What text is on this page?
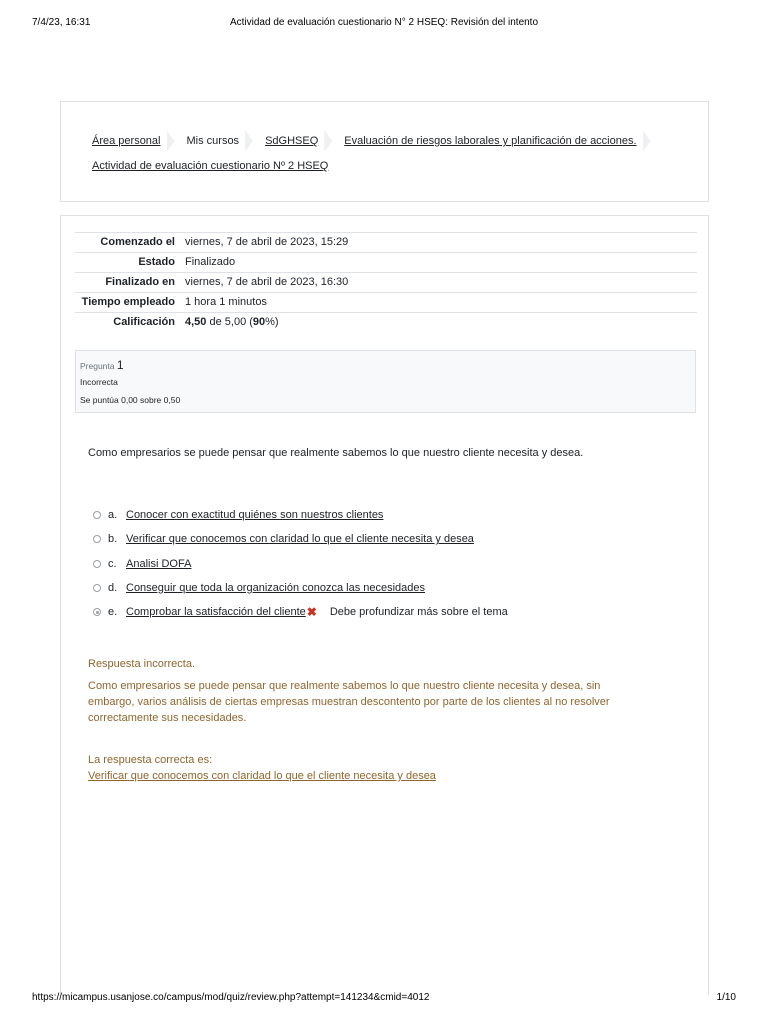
7/4/23, 16:31	Actividad de evaluación cuestionario N° 2 HSEQ: Revisión del intento
Área personal Mis cursos SdGHSEQ Evaluación de riesgos laborales y planificación de acciones.
Actividad de evaluación cuestionario Nº 2 HSEQ
Comenzado el	viernes, 7 de abril de 2023, 15:29
Estado	Finalizado
Finalizado en	viernes, 7 de abril de 2023, 16:30
Tiempo empleado	1 hora 1 minutos
Calificación	4,50 de 5,00 (90%)
Pregunta 1
Incorrecta
Se puntúa 0,00 sobre 0,50
Como empresarios se puede pensar que realmente sabemos lo que nuestro cliente necesita y desea.
a. Conocer con exactitud quiénes son nuestros clientes
b. Verificar que conocemos con claridad lo que el cliente necesita y desea
c. Analisi DOFA
d. Conseguir que toda la organización conozca las necesidades
e. Comprobar la satisfacción del cliente ✖ Debe profundizar más sobre el tema
Respuesta incorrecta.
Como empresarios se puede pensar que realmente sabemos lo que nuestro cliente necesita y desea, sin embargo, varios análisis de ciertas empresas muestran descontento por parte de los clientes al no resolver correctamente sus necesidades.
La respuesta correcta es:
Verificar que conocemos con claridad lo que el cliente necesita y desea
https://micampus.usanjose.co/campus/mod/quiz/review.php?attempt=141234&cmid=4012	1/10
